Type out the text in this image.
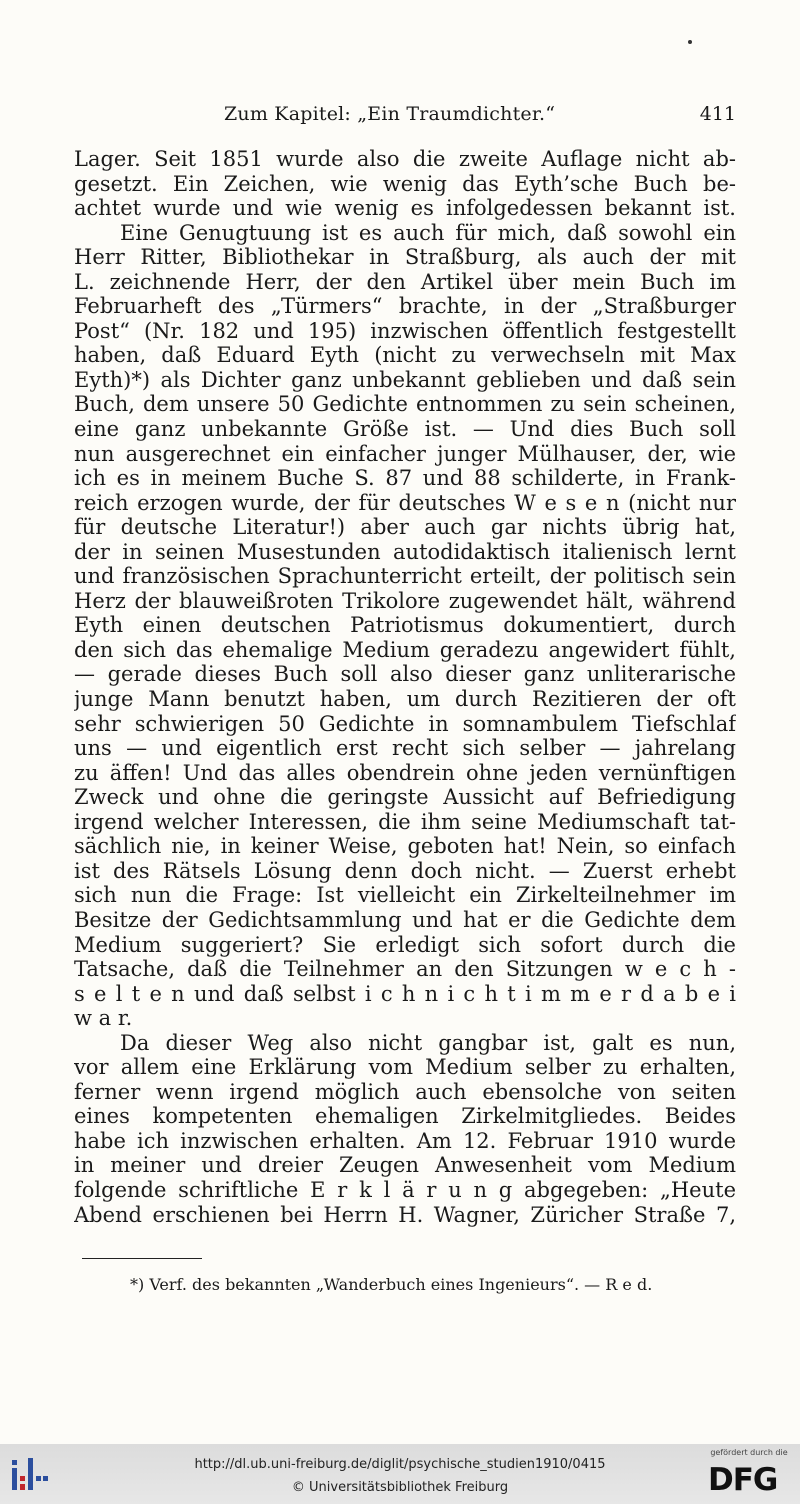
Zum Kapitel: „Ein Traumdichter.“	411
Lager. Seit 1851 wurde also die zweite Auflage nicht ab-
gesetzt. Ein Zeichen, wie wenig das Eyth’sche Buch be-
achtet wurde und wie wenig es infolgedessen bekannt ist.
Eine Genugtuung ist es auch für mich, daß sowohl ein
Herr Ritter, Bibliothekar in Straßburg, als auch der mit
L. zeichnende Herr, der den Artikel über mein Buch im
Februarheft des „Türmers“ brachte, in der „Straßburger
Post“ (Nr. 182 und 195) inzwischen öffentlich festgestellt
haben, daß Eduard Eyth (nicht zu verwechseln mit Max
Eyth)*) als Dichter ganz unbekannt geblieben und daß sein
Buch, dem unsere 50 Gedichte entnommen zu sein scheinen,
eine ganz unbekannte Größe ist. — Und dies Buch soll
nun ausgerechnet ein einfacher junger Mülhauser, der, wie
ich es in meinem Buche S. 87 und 88 schilderte, in Frank-
reich erzogen wurde, der für deutsches W e s e n (nicht nur
für deutsche Literatur!) aber auch gar nichts übrig hat,
der in seinen Musestunden autodidaktisch italienisch lernt
und französischen Sprachunterricht erteilt, der politisch sein
Herz der blauweißroten Trikolore zugewendet hält, während
Eyth einen deutschen Patriotismus dokumentiert, durch
den sich das ehemalige Medium geradezu angewidert fühlt,
— gerade dieses Buch soll also dieser ganz unliterarische
junge Mann benutzt haben, um durch Rezitieren der oft
sehr schwierigen 50 Gedichte in somnambulem Tiefschlaf
uns — und eigentlich erst recht sich selber — jahrelang
zu äffen! Und das alles obendrein ohne jeden vernünftigen
Zweck und ohne die geringste Aussicht auf Befriedigung
irgend welcher Interessen, die ihm seine Mediumschaft tat-
sächlich nie, in keiner Weise, geboten hat! Nein, so einfach
ist des Rätsels Lösung denn doch nicht. — Zuerst erhebt
sich nun die Frage: Ist vielleicht ein Zirkelteilnehmer im
Besitze der Gedichtsammlung und hat er die Gedichte dem
Medium suggeriert? Sie erledigt sich sofort durch die
Tatsache, daß die Teilnehmer an den Sitzungen w e c h -
s e l t e n und daß selbst i c h n i c h t i m m e r d a b e i
w a r.
Da dieser Weg also nicht gangbar ist, galt es nun,
vor allem eine Erklärung vom Medium selber zu erhalten,
ferner wenn irgend möglich auch ebensolche von seiten
eines kompetenten ehemaligen Zirkelmitgliedes. Beides
habe ich inzwischen erhalten. Am 12. Februar 1910 wurde
in meiner und dreier Zeugen Anwesenheit vom Medium
folgende schriftliche E r k l ä r u n g abgegeben: „Heute
Abend erschienen bei Herrn H. Wagner, Züricher Straße 7,
*) Verf. des bekannten „Wanderbuch eines Ingenieurs“. — R e d.
http://dl.ub.uni-freiburg.de/diglit/psychische_studien1910/0415
© Universitätsbibliothek Freiburg
gefördert durch die
DFG
